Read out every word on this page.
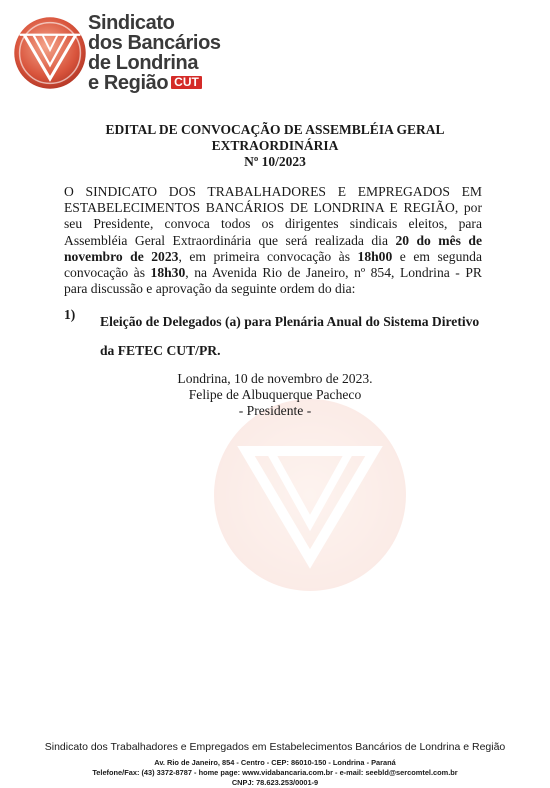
Sindicato
dos Bancários
de Londrina
e Região CUT
EDITAL DE CONVOCAÇÃO DE ASSEMBLÉIA GERAL
EXTRAORDINÁRIA
Nº 10/2023
O SINDICATO DOS TRABALHADORES E EMPREGADOS EM ESTABELECIMENTOS BANCÁRIOS DE LONDRINA E REGIÃO, por seu Presidente, convoca todos os dirigentes sindicais eleitos, para Assembléia Geral Extraordinária que será realizada dia 20 do mês de novembro de 2023, em primeira convocação às 18h00 e em segunda convocação às 18h30, na Avenida Rio de Janeiro, nº 854, Londrina - PR para discussão e aprovação da seguinte ordem do dia:
1) Eleição de Delegados (a) para Plenária Anual do Sistema Diretivo
da FETEC CUT/PR.
Londrina, 10 de novembro de 2023.
Felipe de Albuquerque Pacheco
- Presidente -
Sindicato dos Trabalhadores e Empregados em Estabelecimentos Bancários de Londrina e Região
Av. Rio de Janeiro, 854 - Centro - CEP: 86010-150 - Londrina - Paraná
Telefone/Fax: (43) 3372-8787 - home page: www.vidabancaria.com.br - e-mail: seebld@sercomtel.com.br
CNPJ: 78.623.253/0001-9
